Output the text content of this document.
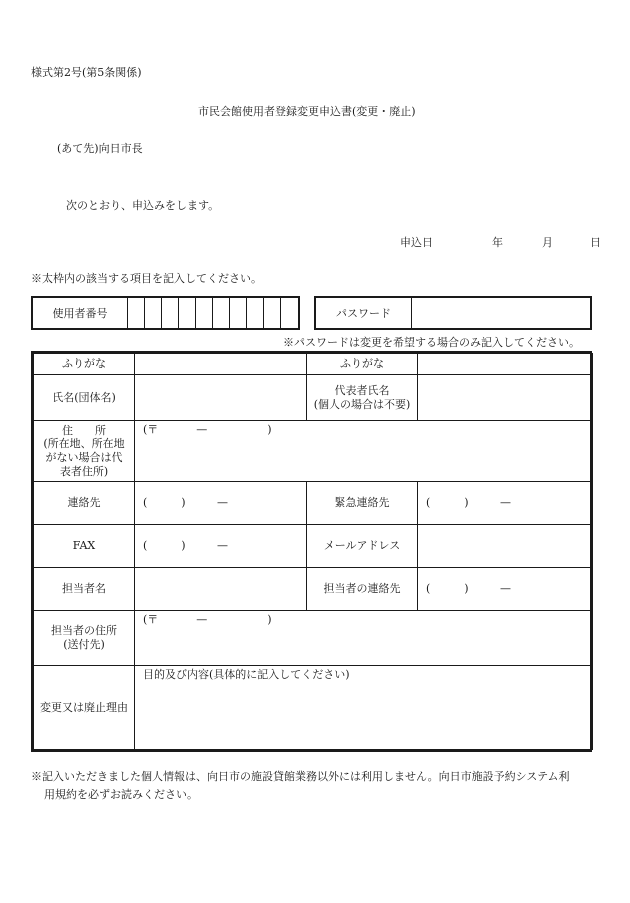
様式第2号(第5条関係)
市民会館使用者登録変更申込書(変更・廃止)
(あて先)向日市長
次のとおり、申込みをします。
申込日	年	月	日
※太枠内の該当する項目を記入してください。
使用者番号	パスワード
※パスワードは変更を希望する場合のみ記入してください。
ふりがな		ふりがな	
氏名(団体名)		代表者氏名
(個人の場合は不要)	

住　　所
(所在地、所在地
がない場合は代
表者住所)	(〒 — )		
連絡先	( ) —	緊急連絡先	( ) —
FAX	( ) —	メールアドレス	
担当者名		担当者の連絡先	( ) —

担当者の住所
(送付先)	(〒 — )		
変更又は廃止理由	目的及び内容(具体的に記入してください)		
※記入いただきました個人情報は、向日市の施設貸館業務以外には利用しません。向日市施設予約システム利
用規約を必ずお読みください。
